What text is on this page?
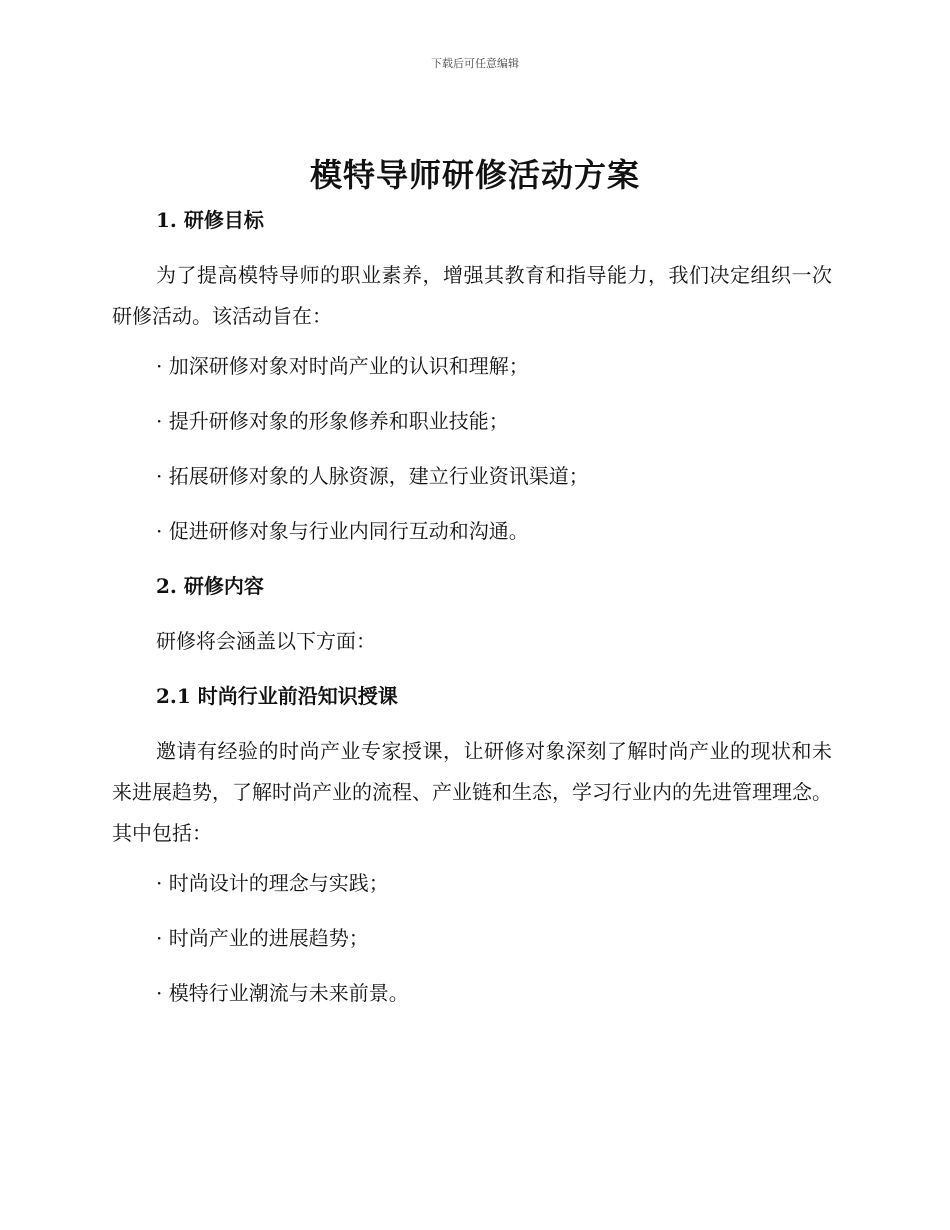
下载后可任意编辑
模特导师研修活动方案

1. 研修目标

为了提高模特导师的职业素养，增强其教育和指导能力，我们决定组织一次研修活动。该活动旨在：

· 加深研修对象对时尚产业的认识和理解；

· 提升研修对象的形象修养和职业技能；

· 拓展研修对象的人脉资源，建立行业资讯渠道；

· 促进研修对象与行业内同行互动和沟通。

2. 研修内容

研修将会涵盖以下方面：

2.1 时尚行业前沿知识授课

邀请有经验的时尚产业专家授课，让研修对象深刻了解时尚产业的现状和未来进展趋势，了解时尚产业的流程、产业链和生态，学习行业内的先进管理理念。其中包括：

· 时尚设计的理念与实践；

· 时尚产业的进展趋势；

· 模特行业潮流与未来前景。
